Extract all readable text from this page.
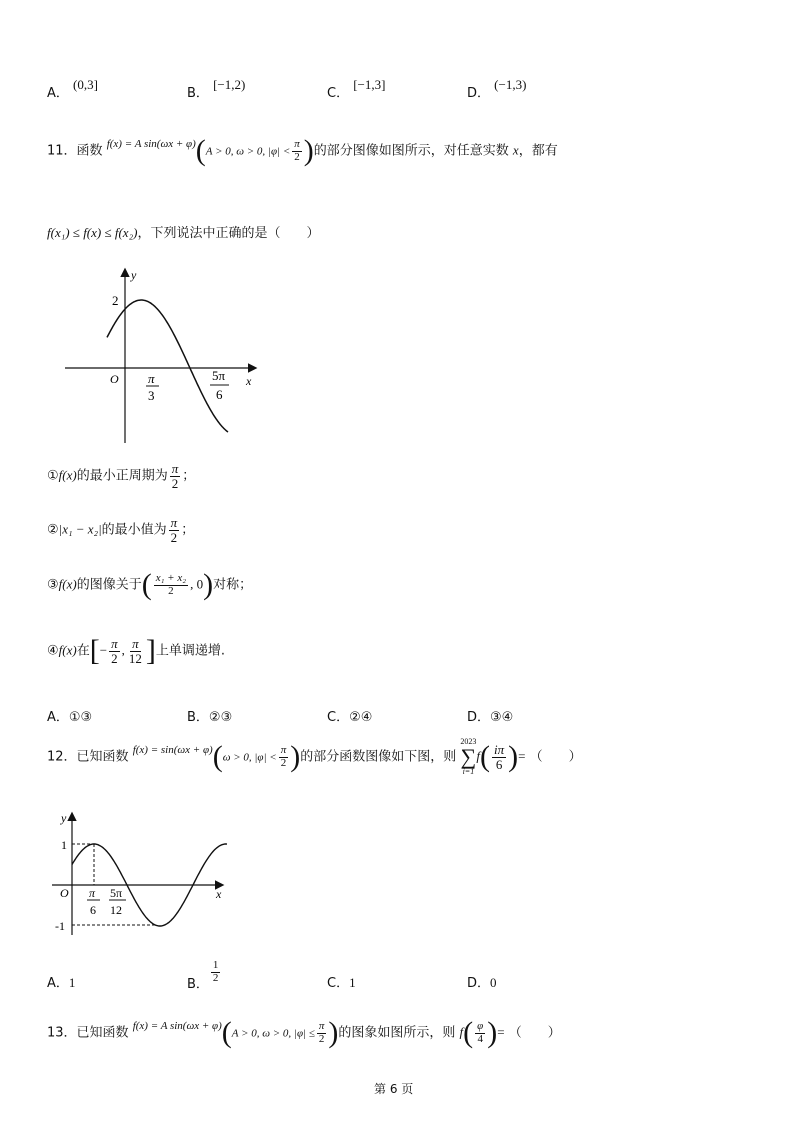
A． (0,3]
B． [−1,2)
C． [−1,3]
D． (−1,3)
11．函数 $^{f(x) = A sin(\omega x + \varphi)}$(A > 0, ω > 0, $|\varphi| < \frac{\pi}{2}$ )的部分图像如图所示，对任意实数 x，都有
f(x₁) ≤ f(x) ≤ f(x₂)，下列说法中正确的是（　　）
y
x
O
2
π
3
5π
6
①f(x)的最小正周期为 $\frac{\pi}{2}$ ；
②|x₁ − x₂|的最小值为 $\frac{\pi}{2}$ ；
③f(x)的图像关于( $\frac{\text{x₁ + x₂}}{2}$ , 0)对称；
④f(x)在[− $\frac{\pi}{2}$ , $\frac{\pi}{12}$ ]上单调递增.
A．①③	B．②③	C．②④	D．③④
12．已知函数 $^{f(x) = sin(\omega x + \varphi)}$(ω > 0, $|\varphi| < \frac{\pi}{2}$ )的部分函数图像如下图，则
2023
∑
i=1
$f( \frac{i\pi}{6}$ )= （　　）
y
x
O
1
-1
π
6
5π
12
A．1	B． $\frac{1}{2}$	C．1	D．0
13．已知函数 $^{f(x) = A sin(\omega x + \varphi)}$(A > 0, ω > 0, $|\varphi| \le \frac{\pi}{2}$ )的图象如图所示，则 $f( \frac{\varphi}{4}$ )= （　　）
第 6 页
